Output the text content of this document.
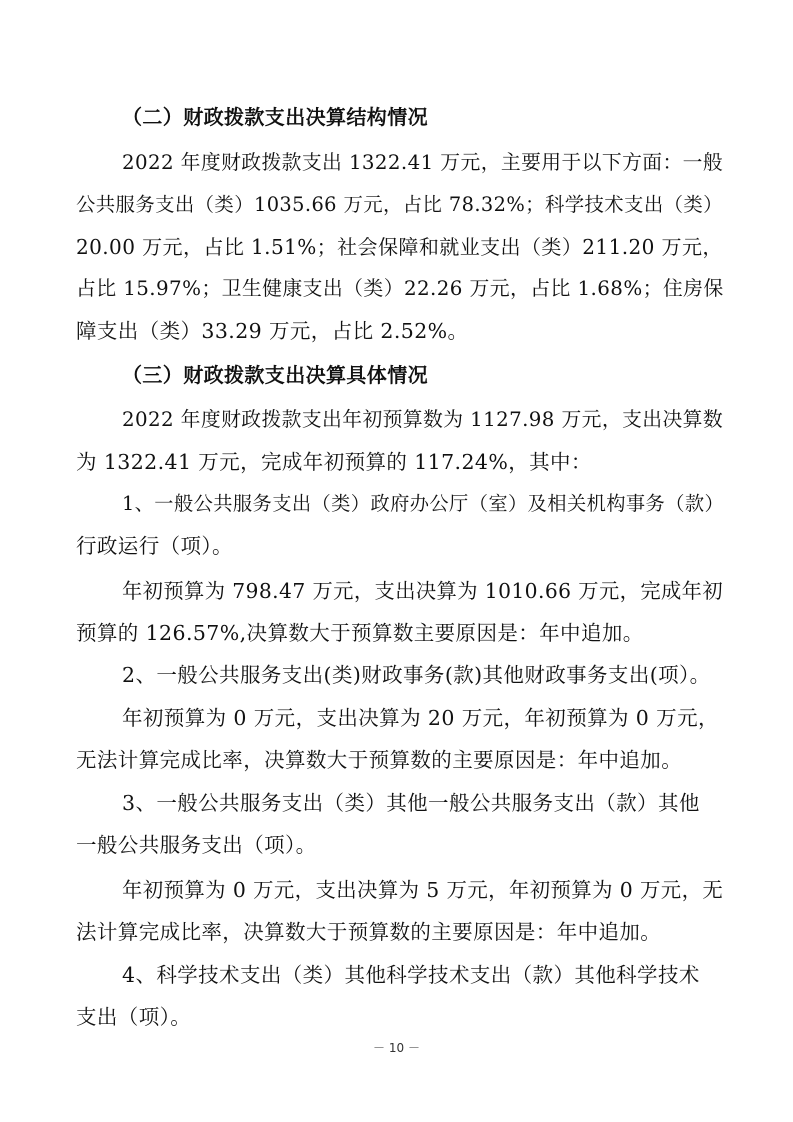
（二）财政拨款支出决算结构情况
2022 年度财政拨款支出 1322.41 万元，主要用于以下方面：一般
公共服务支出（类）1035.66 万元，占比 78.32%；科学技术支出（类）
20.00 万元，占比 1.51%；社会保障和就业支出（类）211.20 万元，
占比 15.97%；卫生健康支出（类）22.26 万元，占比 1.68%；住房保
障支出（类）33.29 万元，占比 2.52%。
（三）财政拨款支出决算具体情况
2022 年度财政拨款支出年初预算数为 1127.98 万元，支出决算数
为 1322.41 万元，完成年初预算的 117.24%，其中：
1、一般公共服务支出（类）政府办公厅（室）及相关机构事务（款）
行政运行（项）。
年初预算为 798.47 万元，支出决算为 1010.66 万元，完成年初
预算的 126.57%,决算数大于预算数主要原因是：年中追加。
2、一般公共服务支出(类)财政事务(款)其他财政事务支出(项）。
年初预算为 0 万元，支出决算为 20 万元，年初预算为 0 万元，
无法计算完成比率，决算数大于预算数的主要原因是：年中追加。
3、一般公共服务支出（类）其他一般公共服务支出（款）其他
一般公共服务支出（项）。
年初预算为 0 万元，支出决算为 5 万元，年初预算为 0 万元，无
法计算完成比率，决算数大于预算数的主要原因是：年中追加。
4、科学技术支出（类）其他科学技术支出（款）其他科学技术
支出（项）。
－ 10 －
